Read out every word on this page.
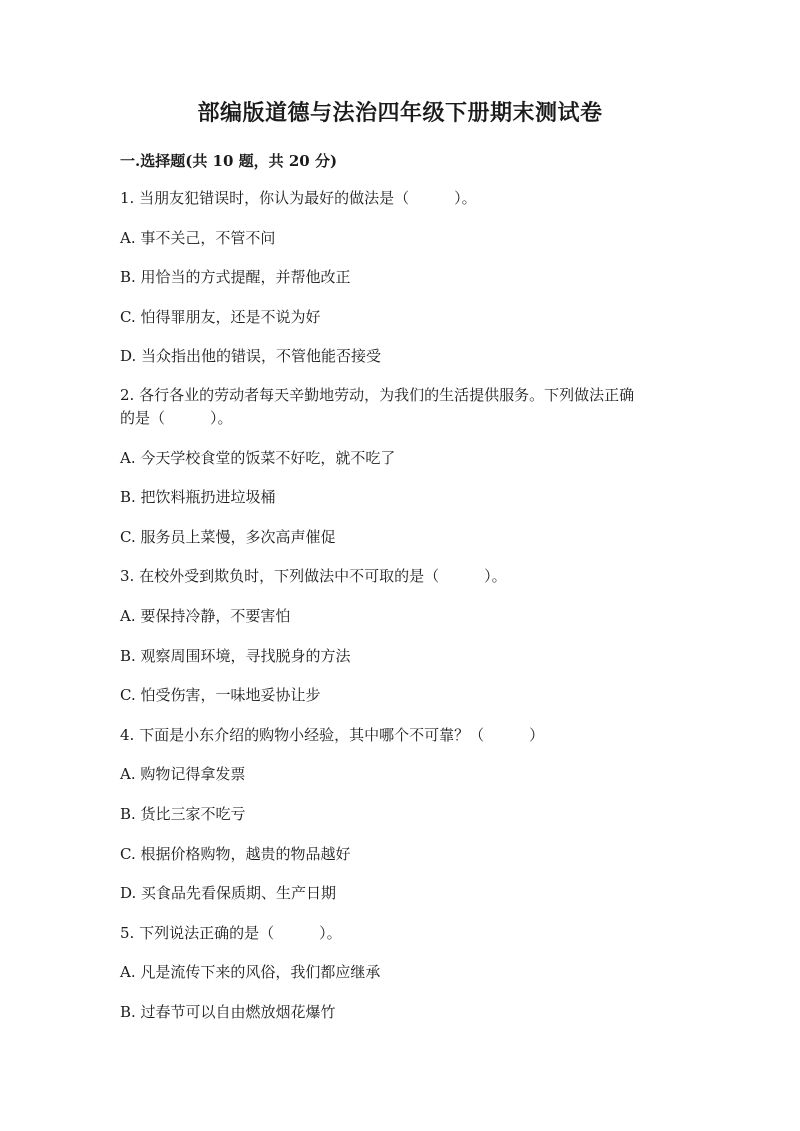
部编版道德与法治四年级下册期末测试卷
一.选择题(共 10 题，共 20 分)
1. 当朋友犯错误时，你认为最好的做法是（　　　）。
A. 事不关己，不管不问
B. 用恰当的方式提醒，并帮他改正
C. 怕得罪朋友，还是不说为好
D. 当众指出他的错误，不管他能否接受
2. 各行各业的劳动者每天辛勤地劳动，为我们的生活提供服务。下列做法正确
的是（　　　）。
A. 今天学校食堂的饭菜不好吃，就不吃了
B. 把饮料瓶扔进垃圾桶
C. 服务员上菜慢，多次高声催促
3. 在校外受到欺负时，下列做法中不可取的是（　　　）。
A. 要保持冷静，不要害怕
B. 观察周围环境，寻找脱身的方法
C. 怕受伤害，一味地妥协让步
4. 下面是小东介绍的购物小经验，其中哪个不可靠？（　　　）
A. 购物记得拿发票
B. 货比三家不吃亏
C. 根据价格购物，越贵的物品越好
D. 买食品先看保质期、生产日期
5. 下列说法正确的是（　　　）。
A. 凡是流传下来的风俗，我们都应继承
B. 过春节可以自由燃放烟花爆竹
